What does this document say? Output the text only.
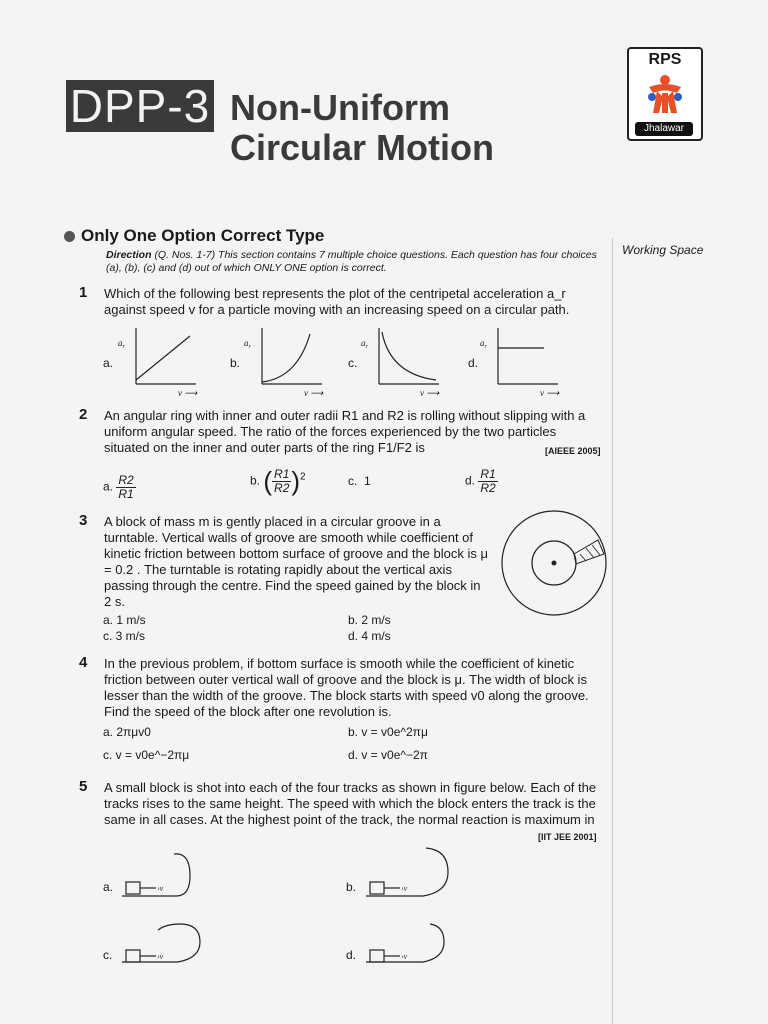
DPP-3 Non-Uniform
Circular Motion
RPS
Jhalawar
Only One Option Correct Type
Working Space
Direction (Q. Nos. 1-7) This section contains 7 multiple choice questions. Each question has four choices (a), (b), (c) and (d) out of which ONLY ONE option is correct.
1 Which of the following best represents the plot of the centripetal acceleration a_r against speed v for a particle moving with an increasing speed on a circular path.
a.	b.	c.	d.
$a_r$	$a_r$	$a_r$	$a_r$
v ⟶	v ⟶	v ⟶	v ⟶
2 An angular ring with inner and outer radii R1 and R2 is rolling without slipping with a uniform angular speed. The ratio of the forces experienced by the two particles situated on the inner and outer parts of the ring F1/F2 is	[AIEEE 2005]
a. $\frac{R2}{R1}$	b. ( $\frac{R1}{R2} )^2$	c. 1	d. $\frac{R1}{R2}$
3 A block of mass m is gently placed in a circular groove in a turntable. Vertical walls of groove are smooth while coefficient of kinetic friction between bottom surface of groove and the block is μ = 0.2 . The turntable is rotating rapidly about the vertical axis passing through the centre. Find the speed gained by the block in 2 s.
a. 1 m/s	b. 2 m/s
c. 3 m/s	d. 4 m/s
4 In the previous problem, if bottom surface is smooth while the coefficient of kinetic friction between outer vertical wall of groove and the block is μ. The width of block is lesser than the width of the groove. The block starts with speed v0 along the groove. Find the speed of the block after one revolution is.
a. 2πμv0	b. v = v0e^2πμ
c. v = v0e^−2πμ	d. v = v0e^−2π
5 A small block is shot into each of the four tracks as shown in figure below. Each of the tracks rises to the same height. The speed with which the block enters the track is the same in all cases. At the highest point of the track, the normal reaction is maximum in
[IIT JEE 2001]
a.	b.
c.	d.
›v	›v
›v	›v
